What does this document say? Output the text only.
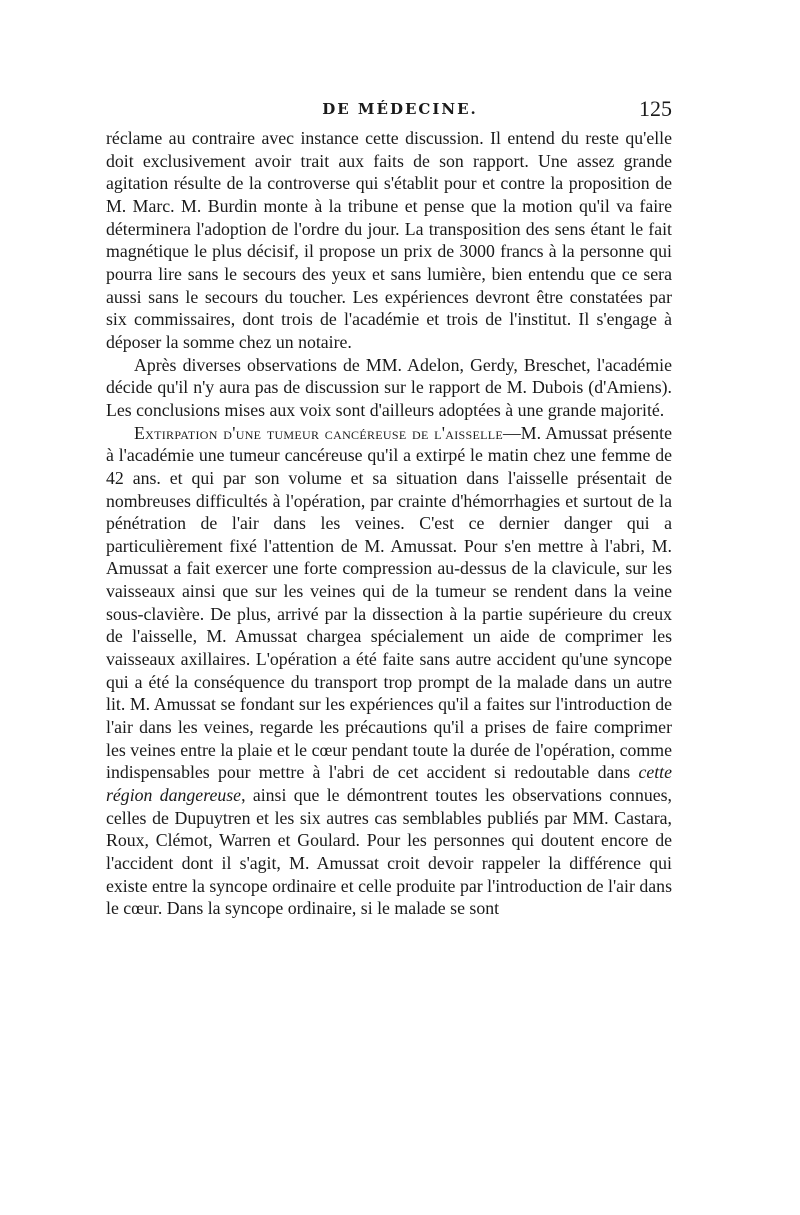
DE MÉDECINE.	125

réclame au contraire avec instance cette discussion. Il entend du reste qu'elle doit exclusivement avoir trait aux faits de son rapport. Une assez grande agitation résulte de la controverse qui s'établit pour et contre la proposition de M. Marc. M. Burdin monte à la tribune et pense que la motion qu'il va faire déterminera l'adoption de l'ordre du jour. La transposition des sens étant le fait magnétique le plus décisif, il propose un prix de 3000 francs à la personne qui pourra lire sans le secours des yeux et sans lumière, bien entendu que ce sera aussi sans le secours du toucher. Les expériences devront être constatées par six commissaires, dont trois de l'académie et trois de l'institut. Il s'engage à déposer la somme chez un notaire.

Après diverses observations de MM. Adelon, Gerdy, Breschet, l'académie décide qu'il n'y aura pas de discussion sur le rapport de M. Dubois (d'Amiens). Les conclusions mises aux voix sont d'ailleurs adoptées à une grande majorité.

Extirpation d'une tumeur cancéreuse de l'aisselle—M. Amussat présente à l'académie une tumeur cancéreuse qu'il a extirpé le matin chez une femme de 42 ans. et qui par son volume et sa situation dans l'aisselle présentait de nombreuses difficultés à l'opération, par crainte d'hémorrhagies et surtout de la pénétration de l'air dans les veines. C'est ce dernier danger qui a particulièrement fixé l'attention de M. Amussat. Pour s'en mettre à l'abri, M. Amussat a fait exercer une forte compression au-dessus de la clavicule, sur les vaisseaux ainsi que sur les veines qui de la tumeur se rendent dans la veine sous-clavière. De plus, arrivé par la dissection à la partie supérieure du creux de l'aisselle, M. Amussat chargea spécialement un aide de comprimer les vaisseaux axillaires. L'opération a été faite sans autre accident qu'une syncope qui a été la conséquence du transport trop prompt de la malade dans un autre lit. M. Amussat se fondant sur les expériences qu'il a faites sur l'introduction de l'air dans les veines, regarde les précautions qu'il a prises de faire comprimer les veines entre la plaie et le cœur pendant toute la durée de l'opération, comme indispensables pour mettre à l'abri de cet accident si redoutable dans cette région dangereuse, ainsi que le démontrent toutes les observations connues, celles de Dupuytren et les six autres cas semblables publiés par MM. Castara, Roux, Clémot, Warren et Goulard. Pour les personnes qui doutent encore de l'accident dont il s'agit, M. Amussat croit devoir rappeler la différence qui existe entre la syncope ordinaire et celle produite par l'introduction de l'air dans le cœur. Dans la syncope ordinaire, si le malade se sont
